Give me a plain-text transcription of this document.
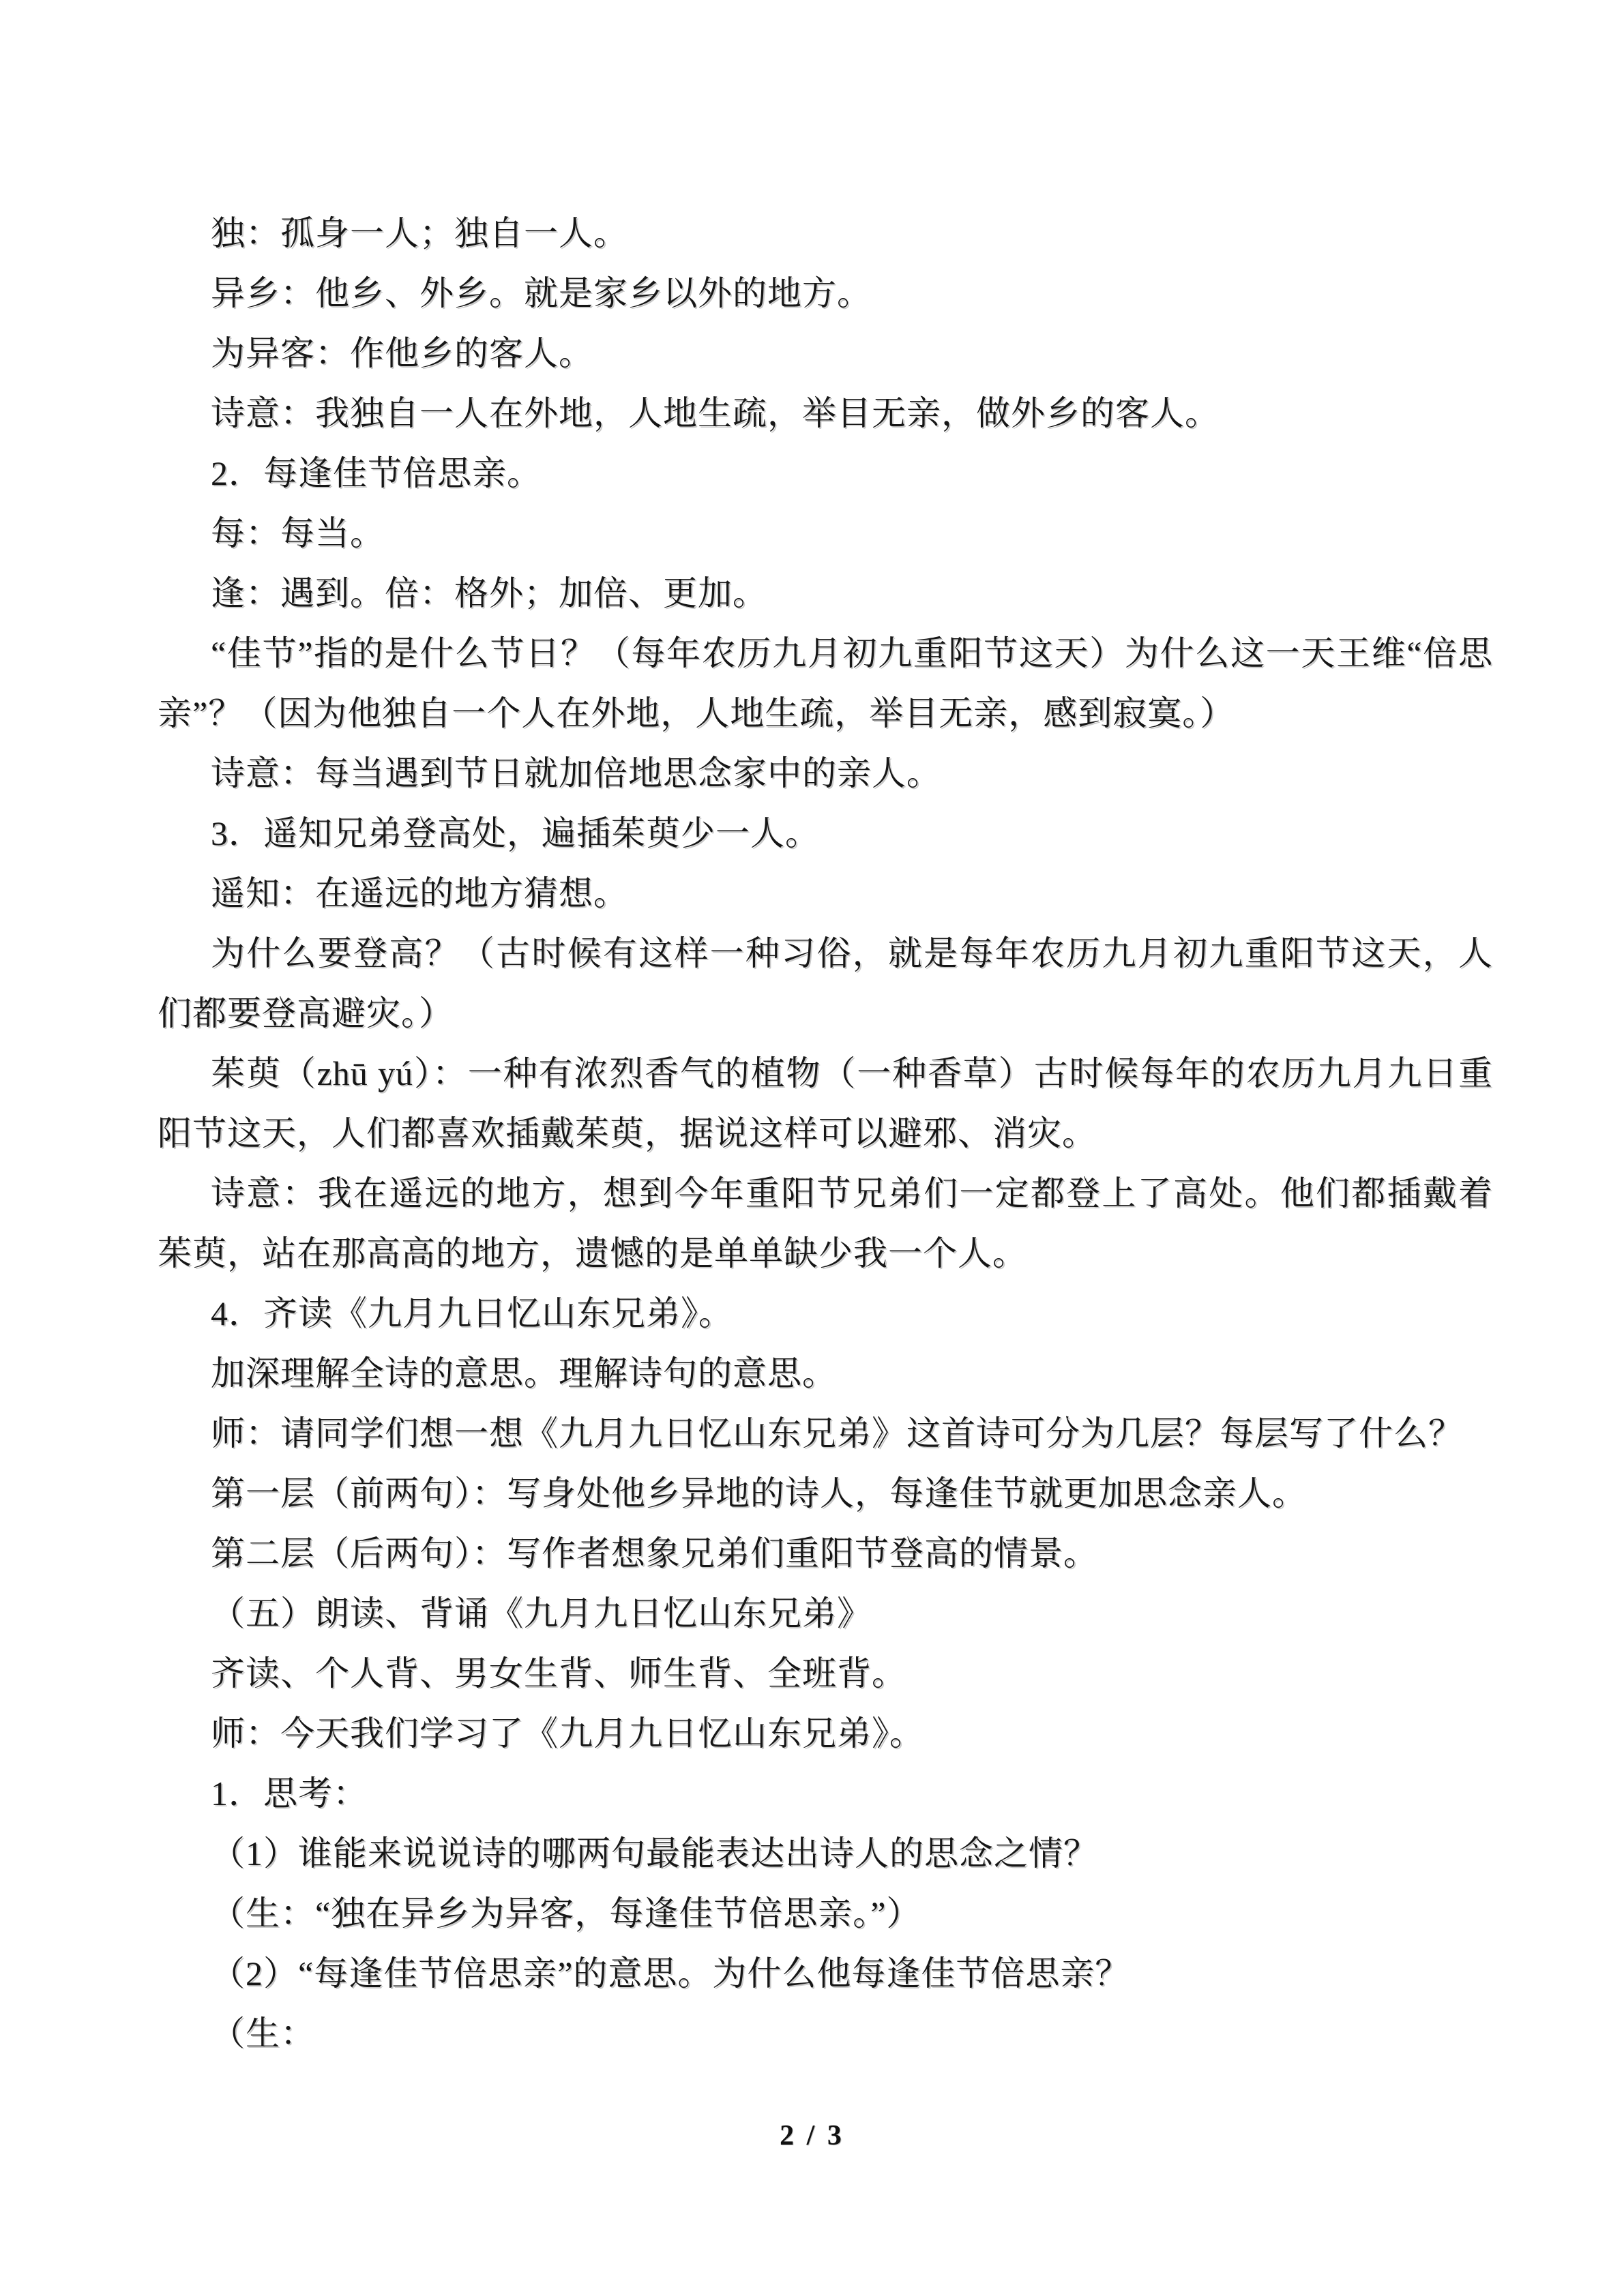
独：孤身一人；独自一人。

异乡：他乡、外乡。就是家乡以外的地方。

为异客：作他乡的客人。

诗意：我独自一人在外地，人地生疏，举目无亲，做外乡的客人。

2．每逢佳节倍思亲。

每：每当。

逢：遇到。倍：格外；加倍、更加。

“佳节”指的是什么节日？（每年农历九月初九重阳节这天）为什么这一天王维“倍思亲”？（因为他独自一个人在外地，人地生疏，举目无亲，感到寂寞。）

诗意：每当遇到节日就加倍地思念家中的亲人。

3．遥知兄弟登高处，遍插茱萸少一人。

遥知：在遥远的地方猜想。

为什么要登高？（古时候有这样一种习俗，就是每年农历九月初九重阳节这天，人们都要登高避灾。）

茱萸（zhū yú）：一种有浓烈香气的植物（一种香草）古时候每年的农历九月九日重阳节这天，人们都喜欢插戴茱萸，据说这样可以避邪、消灾。

诗意：我在遥远的地方，想到今年重阳节兄弟们一定都登上了高处。他们都插戴着茱萸，站在那高高的地方，遗憾的是单单缺少我一个人。

4．齐读《九月九日忆山东兄弟》。

加深理解全诗的意思。理解诗句的意思。

师：请同学们想一想《九月九日忆山东兄弟》这首诗可分为几层？每层写了什么？

第一层（前两句）：写身处他乡异地的诗人，每逢佳节就更加思念亲人。

第二层（后两句）：写作者想象兄弟们重阳节登高的情景。

（五）朗读、背诵《九月九日忆山东兄弟》

齐读、个人背、男女生背、师生背、全班背。

师：今天我们学习了《九月九日忆山东兄弟》。

1．思考：

（1）谁能来说说诗的哪两句最能表达出诗人的思念之情？

（生：“独在异乡为异客，每逢佳节倍思亲。”）

（2）“每逢佳节倍思亲”的意思。为什么他每逢佳节倍思亲？

（生：

2 / 3
